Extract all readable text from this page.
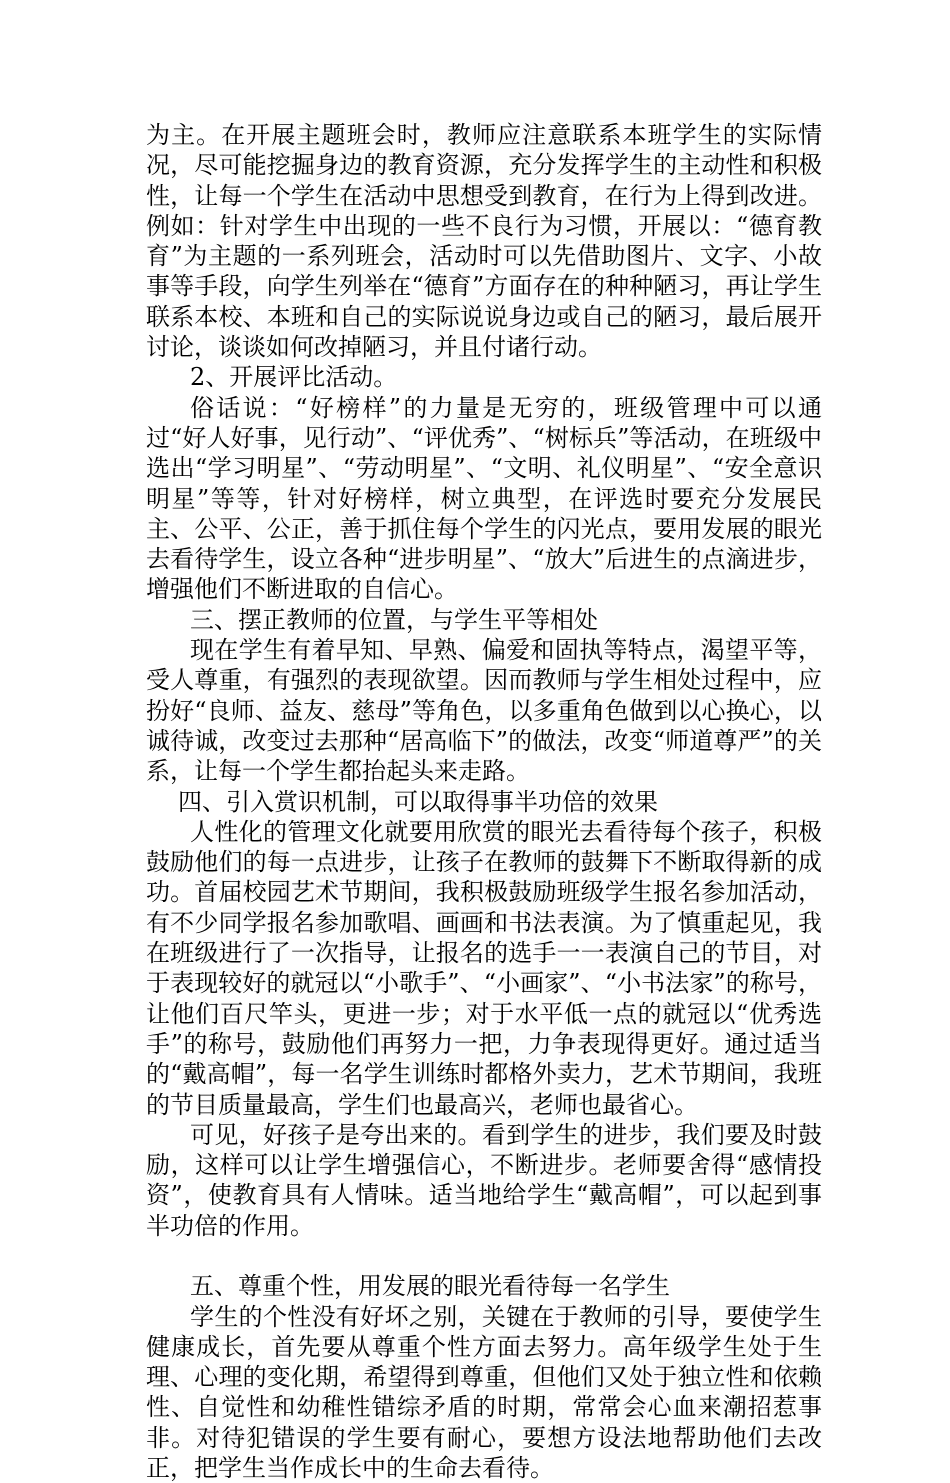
为主。在开展主题班会时，教师应注意联系本班学生的实际情况，尽可能挖掘身边的教育资源，充分发挥学生的主动性和积极性，让每一个学生在活动中思想受到教育，在行为上得到改进。例如：针对学生中出现的一些不良行为习惯，开展以：“德育教育”为主题的一系列班会，活动时可以先借助图片、文字、小故事等手段，向学生列举在“德育”方面存在的种种陋习，再让学生联系本校、本班和自己的实际说说身边或自己的陋习，最后展开讨论，谈谈如何改掉陋习，并且付诸行动。

2、开展评比活动。

俗话说：“好榜样”的力量是无穷的，班级管理中可以通过“好人好事，见行动”、“评优秀”、“树标兵”等活动，在班级中选出“学习明星”、“劳动明星”、“文明、礼仪明星”、“安全意识明星”等等，针对好榜样，树立典型，在评选时要充分发展民主、公平、公正，善于抓住每个学生的闪光点，要用发展的眼光去看待学生，设立各种“进步明星”、“放大”后进生的点滴进步，增强他们不断进取的自信心。

三、摆正教师的位置，与学生平等相处

现在学生有着早知、早熟、偏爱和固执等特点，渴望平等，受人尊重，有强烈的表现欲望。因而教师与学生相处过程中，应扮好“良师、益友、慈母”等角色，以多重角色做到以心换心，以诚待诚，改变过去那种“居高临下”的做法，改变“师道尊严”的关系，让每一个学生都抬起头来走路。

四、引入赏识机制，可以取得事半功倍的效果

人性化的管理文化就要用欣赏的眼光去看待每个孩子，积极鼓励他们的每一点进步，让孩子在教师的鼓舞下不断取得新的成功。首届校园艺术节期间，我积极鼓励班级学生报名参加活动，有不少同学报名参加歌唱、画画和书法表演。为了慎重起见，我在班级进行了一次指导，让报名的选手一一表演自己的节目，对于表现较好的就冠以“小歌手”、“小画家”、“小书法家”的称号，让他们百尺竿头，更进一步；对于水平低一点的就冠以“优秀选手”的称号，鼓励他们再努力一把，力争表现得更好。通过适当的“戴高帽”，每一名学生训练时都格外卖力，艺术节期间，我班的节目质量最高，学生们也最高兴，老师也最省心。

可见，好孩子是夸出来的。看到学生的进步，我们要及时鼓励，这样可以让学生增强信心，不断进步。老师要舍得“感情投资”，使教育具有人情味。适当地给学生“戴高帽”，可以起到事半功倍的作用。

五、尊重个性，用发展的眼光看待每一名学生

学生的个性没有好坏之别，关键在于教师的引导，要使学生健康成长，首先要从尊重个性方面去努力。高年级学生处于生理、心理的变化期，希望得到尊重，但他们又处于独立性和依赖性、自觉性和幼稚性错综矛盾的时期，常常会心血来潮招惹事非。对待犯错误的学生要有耐心，要想方设法地帮助他们去改正，把学生当作成长中的生命去看待。
